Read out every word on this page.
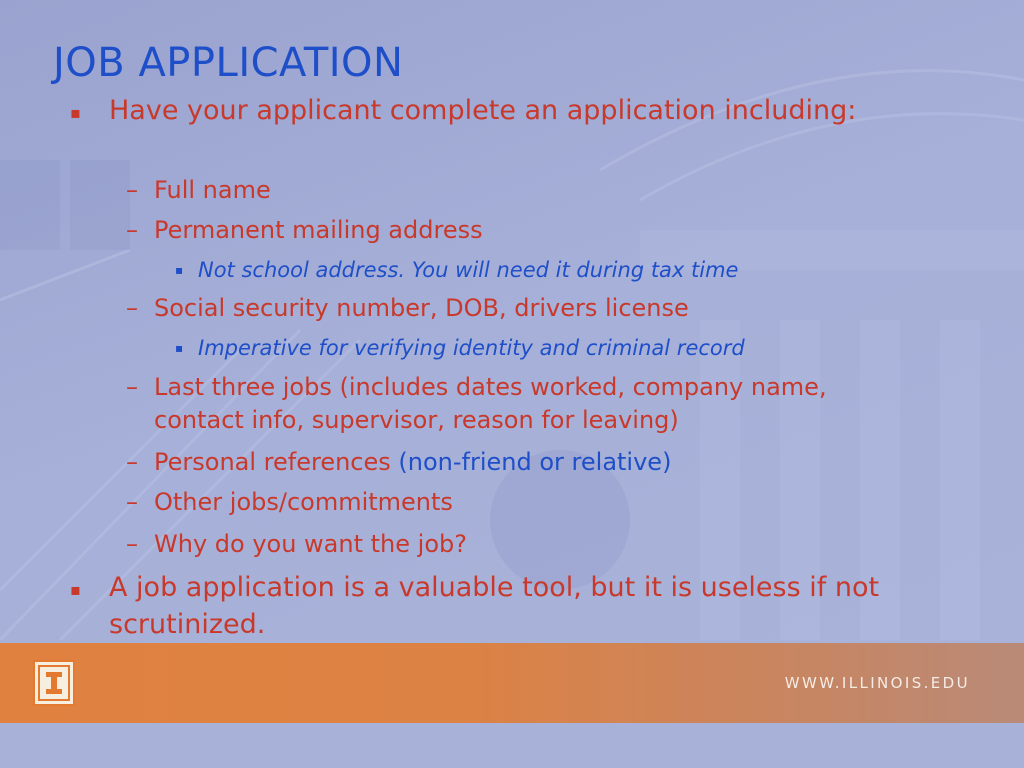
JOB APPLICATION
▪ Have your applicant complete an application including:
– Full name
– Permanent mailing address
▪ Not school address. You will need it during tax time
– Social security number, DOB, drivers license
▪ Imperative for verifying identity and criminal record
– Last three jobs (includes dates worked, company name, contact info, supervisor, reason for leaving)
– Personal references (non-friend or relative)
– Other jobs/commitments
– Why do you want the job?
▪ A job application is a valuable tool, but it is useless if not scrutinized.
WWW.ILLINOIS.EDU
